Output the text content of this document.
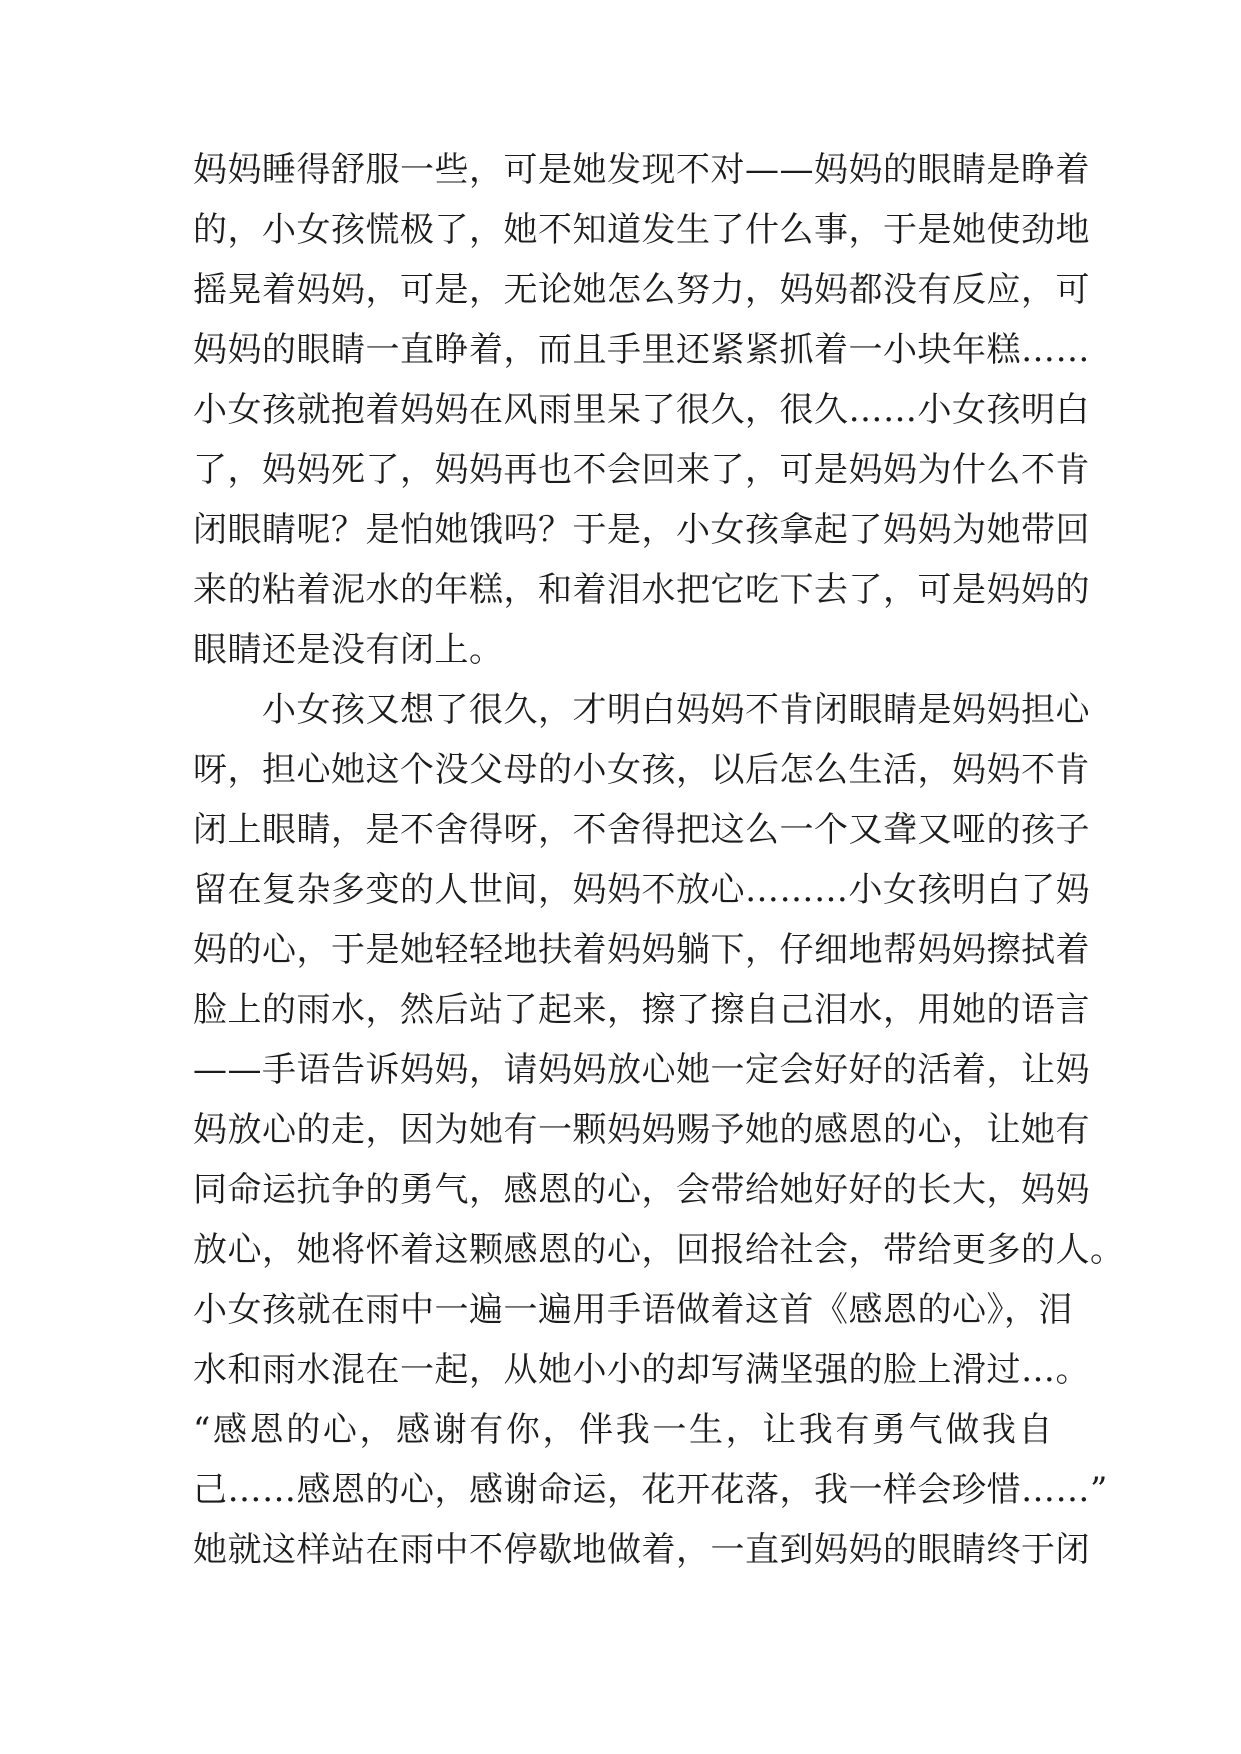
妈妈睡得舒服一些，可是她发现不对——妈妈的眼睛是睁着
的，小女孩慌极了，她不知道发生了什么事，于是她使劲地
摇晃着妈妈，可是，无论她怎么努力，妈妈都没有反应，可
妈妈的眼睛一直睁着，而且手里还紧紧抓着一小块年糕……
小女孩就抱着妈妈在风雨里呆了很久，很久……小女孩明白
了，妈妈死了，妈妈再也不会回来了，可是妈妈为什么不肯
闭眼睛呢？是怕她饿吗？于是，小女孩拿起了妈妈为她带回
来的粘着泥水的年糕，和着泪水把它吃下去了，可是妈妈的
眼睛还是没有闭上。
　　小女孩又想了很久，才明白妈妈不肯闭眼睛是妈妈担心
呀，担心她这个没父母的小女孩，以后怎么生活，妈妈不肯
闭上眼睛，是不舍得呀，不舍得把这么一个又聋又哑的孩子
留在复杂多变的人世间，妈妈不放心………小女孩明白了妈
妈的心，于是她轻轻地扶着妈妈躺下，仔细地帮妈妈擦拭着
脸上的雨水，然后站了起来，擦了擦自己泪水，用她的语言
——手语告诉妈妈，请妈妈放心她一定会好好的活着，让妈
妈放心的走，因为她有一颗妈妈赐予她的感恩的心，让她有
同命运抗争的勇气，感恩的心，会带给她好好的长大，妈妈
放心，她将怀着这颗感恩的心，回报给社会，带给更多的人。
小女孩就在雨中一遍一遍用手语做着这首《感恩的心》，泪
水和雨水混在一起，从她小小的却写满坚强的脸上滑过…。
“感恩的心，感谢有你，伴我一生，让我有勇气做我自
己……感恩的心，感谢命运，花开花落，我一样会珍惜……”
她就这样站在雨中不停歇地做着，一直到妈妈的眼睛终于闭
